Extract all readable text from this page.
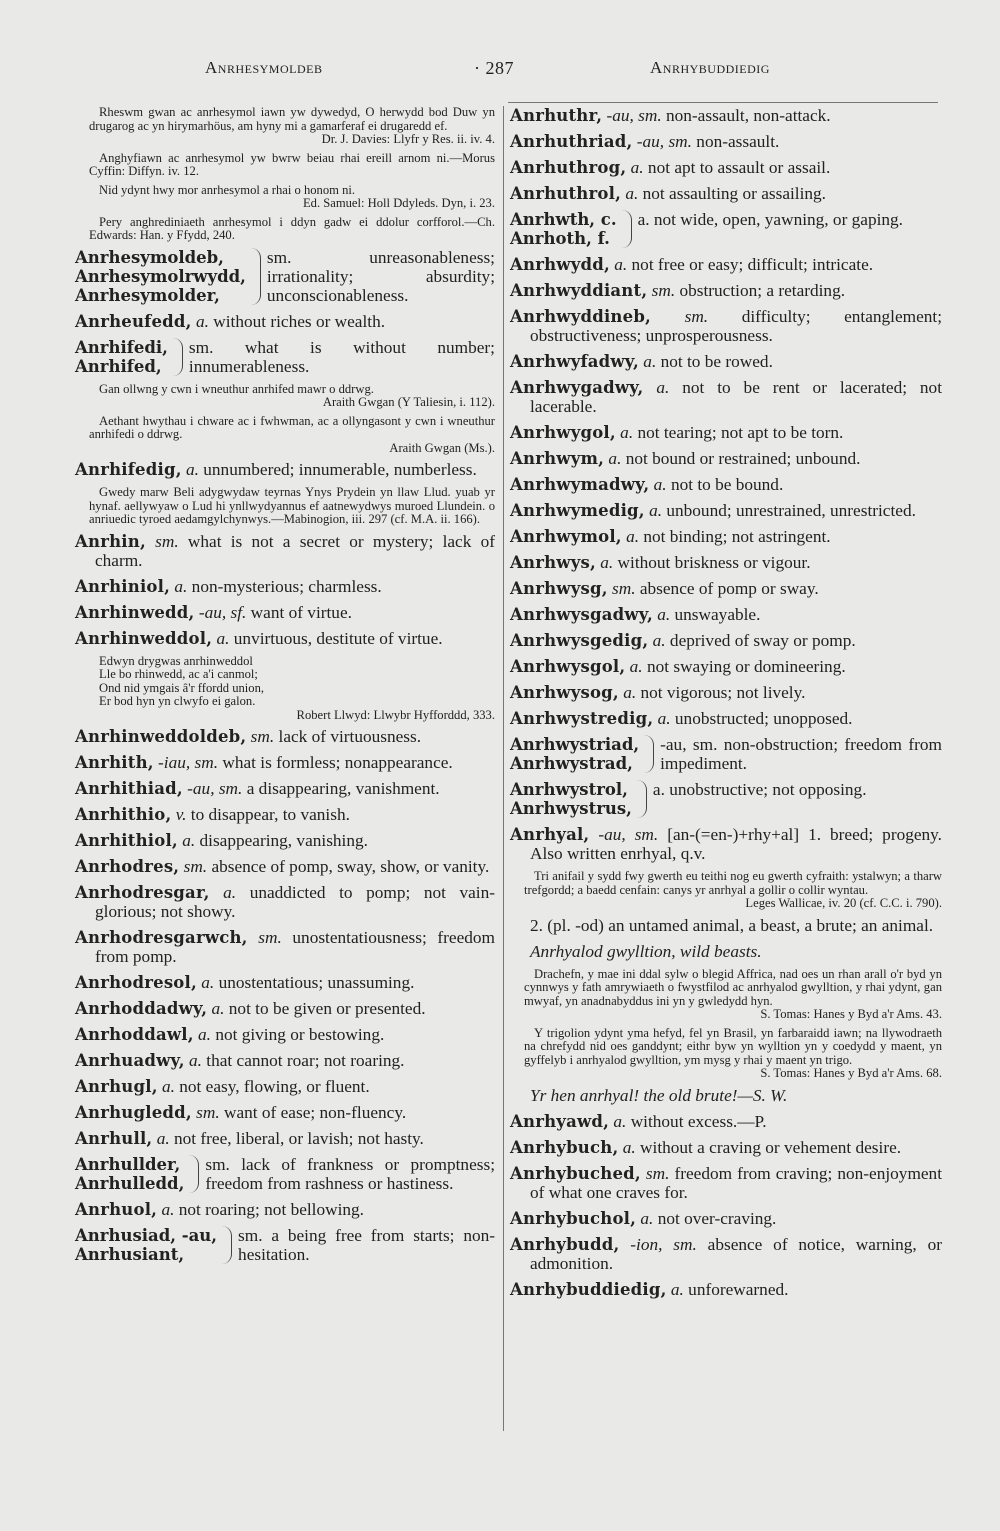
Anrhesymoldeb	· 287	Anrhybuddiedig
Rheswm gwan ac anrhesymol iawn yw dywedyd, O herwydd bod Duw yn drugarog ac yn hirymarhöus, am hyny mi a gamarferaf ei drugaredd ef.
Dr. J. Davies: Llyfr y Res. ii. iv. 4.
Anghyfiawn ac anrhesymol yw bwrw beiau rhai ereill arnom ni.—Morus Cyffin: Diffyn. iv. 12.
Nid ydynt hwy mor anrhesymol a rhai o honom ni.
Ed. Samuel: Holl Ddyleds. Dyn, i. 23.
Pery anghrediniaeth anrhesymol i ddyn gadw ei ddolur corfforol.—Ch. Edwards: Han. y Ffydd, 240.
Anrhesymoldeb,
Anrhesymolrwydd,
Anrhesymolder,
sm. unreasonableness; irrationality; absurdity; unconscionableness.
Anrheufedd, a. without riches or wealth.
Anrhifedi,
Anrhifed,
sm. what is without number; innumerableness.
Gan ollwng y cwn i wneuthur anrhifed mawr o ddrwg.
Araith Gwgan (Y Taliesin, i. 112).
Aethant hwythau i chware ac i fwhwman, ac a ollyngasont y cwn i wneuthur anrhifedi o ddrwg.
Araith Gwgan (Ms.).
Anrhifedig, a. unnumbered; innumerable, numberless.
Gwedy marw Beli adygwydaw teyrnas Ynys Prydein yn llaw Llud. yuab yr hynaf. aellywyaw o Lud hi ynllwydyannus ef aatnewydwys muroed Llundein. o anriuedic tyroed aedamgylchynwys.—Mabinogion, iii. 297 (cf. M.A. ii. 166).
Anrhin, sm. what is not a secret or mystery; lack of charm.
Anrhiniol, a. non-mysterious; charmless.
Anrhinwedd, -au, sf. want of virtue.
Anrhinweddol, a. unvirtuous, destitute of virtue.
Edwyn drygwas anrhinweddol
Lle bo rhinwedd, ac a'i canmol;
Ond nid ymgais â'r ffordd union,
Er bod hyn yn clwyfo ei galon.
Robert Llwyd: Llwybr Hyfforddd, 333.
Anrhinweddoldeb, sm. lack of virtuousness.
Anrhith, -iau, sm. what is formless; nonappearance.
Anrhithiad, -au, sm. a disappearing, vanishment.
Anrhithio, v. to disappear, to vanish.
Anrhithiol, a. disappearing, vanishing.
Anrhodres, sm. absence of pomp, sway, show, or vanity.
Anrhodresgar, a. unaddicted to pomp; not vain-glorious; not showy.
Anrhodresgarwch, sm. unostentatiousness; freedom from pomp.
Anrhodresol, a. unostentatious; unassuming.
Anrhoddadwy, a. not to be given or presented.
Anrhoddawl, a. not giving or bestowing.
Anrhuadwy, a. that cannot roar; not roaring.
Anrhugl, a. not easy, flowing, or fluent.
Anrhugledd, sm. want of ease; non-fluency.
Anrhull, a. not free, liberal, or lavish; not hasty.
Anrhullder,
Anrhulledd,
sm. lack of frankness or promptness; freedom from rashness or hastiness.
Anrhuol, a. not roaring; not bellowing.
Anrhusiad, -au,
Anrhusiant,
sm. a being free from starts; non-hesitation.
Anrhuthr, -au, sm. non-assault, non-attack.
Anrhuthriad, -au, sm. non-assault.
Anrhuthrog, a. not apt to assault or assail.
Anrhuthrol, a. not assaulting or assailing.
Anrhwth, c.
Anrhoth, f.
a. not wide, open, yawning, or gaping.
Anrhwydd, a. not free or easy; difficult; intricate.
Anrhwyddiant, sm. obstruction; a retarding.
Anrhwyddineb, sm. difficulty; entanglement; obstructiveness; unprosperousness.
Anrhwyfadwy, a. not to be rowed.
Anrhwygadwy, a. not to be rent or lacerated; not lacerable.
Anrhwygol, a. not tearing; not apt to be torn.
Anrhwym, a. not bound or restrained; unbound.
Anrhwymadwy, a. not to be bound.
Anrhwymedig, a. unbound; unrestrained, unrestricted.
Anrhwymol, a. not binding; not astringent.
Anrhwys, a. without briskness or vigour.
Anrhwysg, sm. absence of pomp or sway.
Anrhwysgadwy, a. unswayable.
Anrhwysgedig, a. deprived of sway or pomp.
Anrhwysgol, a. not swaying or domineering.
Anrhwysog, a. not vigorous; not lively.
Anrhwystredig, a. unobstructed; unopposed.
Anrhwystriad,
Anrhwystrad,
-au, sm. non-obstruction; freedom from impediment.
Anrhwystrol,
Anrhwystrus,
a. unobstructive; not opposing.
Anrhyal, -au, sm. [an-(=en-)+rhy+al] 1. breed; progeny. Also written enrhyal, q.v.
Tri anifail y sydd fwy gwerth eu teithi nog eu gwerth cyfraith: ystalwyn; a tharw trefgordd; a baedd cenfain: canys yr anrhyal a gollir o collir wyntau.
Leges Wallicae, iv. 20 (cf. C.C. i. 790).
2. (pl. -od) an untamed animal, a beast, a brute; an animal.
Anrhyalod gwylltion, wild beasts.
Drachefn, y mae ini ddal sylw o blegid Affrica, nad oes un rhan arall o'r byd yn cynnwys y fath amrywiaeth o fwystfilod ac anrhyalod gwylltion, y rhai ydynt, gan mwyaf, yn anadnabyddus ini yn y gwledydd hyn.
S. Tomas: Hanes y Byd a'r Ams. 43.
Y trigolion ydynt yma hefyd, fel yn Brasil, yn farbaraidd iawn; na llywodraeth na chrefydd nid oes ganddynt; eithr byw yn wylltion yn y coedydd y maent, yn gyffelyb i anrhyalod gwylltion, ym mysg y rhai y maent yn trigo.
S. Tomas: Hanes y Byd a'r Ams. 68.
Yr hen anrhyal! the old brute!—S. W.
Anrhyawd, a. without excess.—P.
Anrhybuch, a. without a craving or vehement desire.
Anrhybuched, sm. freedom from craving; non-enjoyment of what one craves for.
Anrhybuchol, a. not over-craving.
Anrhybudd, -ion, sm. absence of notice, warning, or admonition.
Anrhybuddiedig, a. unforewarned.
